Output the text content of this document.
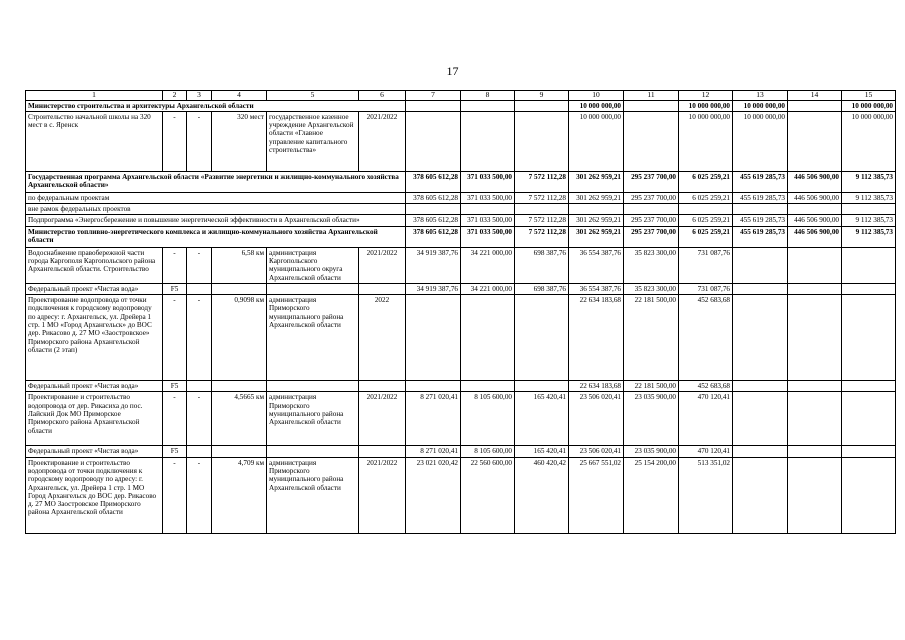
17
1	2	3	4	5	6	7	8	9	10	11	12	13	14	15
Министерство строительства и архитектуры Архангельской области									10 000 000,00		10 000 000,00	10 000 000,00		10 000 000,00
Строительство начальной школы на 320 мест в с. Яренск	-	-	320 мест	государственное казенное учреждение Архангельской области «Главное управление капитального строительства»	2021/2022				10 000 000,00		10 000 000,00	10 000 000,00		10 000 000,00
Государственная программа Архангельской области «Развитие энергетики и жилищно-коммунального хозяйства Архангельской области»						378 605 612,28	371 033 500,00	7 572 112,28	301 262 959,21	295 237 700,00	6 025 259,21	455 619 285,73	446 506 900,00	9 112 385,73
по федеральным проектам						378 605 612,28	371 033 500,00	7 572 112,28	301 262 959,21	295 237 700,00	6 025 259,21	455 619 285,73	446 506 900,00	9 112 385,73
вне рамок федеральных проектов														
Подпрограмма «Энергосбережение и повышение энергетической эффективности в Архангельской области»						378 605 612,28	371 033 500,00	7 572 112,28	301 262 959,21	295 237 700,00	6 025 259,21	455 619 285,73	446 506 900,00	9 112 385,73
Министерство топливно-энергетического комплекса и жилищно-коммунального хозяйства Архангельской области						378 605 612,28	371 033 500,00	7 572 112,28	301 262 959,21	295 237 700,00	6 025 259,21	455 619 285,73	446 506 900,00	9 112 385,73
Водоснабжение правобережной части города Каргополя Каргопольского района Архангельской области. Строительство	-	-	6,58 км	администрация Каргопольского муниципального округа Архангельской области	2021/2022	34 919 387,76	34 221 000,00	698 387,76	36 554 387,76	35 823 300,00	731 087,76			
Федеральный проект «Чистая вода»	F5					34 919 387,76	34 221 000,00	698 387,76	36 554 387,76	35 823 300,00	731 087,76			
Проектирование водопровода от точки подключения к городскому водопроводу по адресу: г. Архангельск, ул. Дрейера 1 стр. 1 МО «Город Архангельск» до ВОС дер. Рикасово д. 27 МО «Заостровское» Приморского района Архангельской области (2 этап)	-	-	0,9098 км	администрация Приморского муниципального района Архангельской области	2022				22 634 183,68	22 181 500,00	452 683,68			
Федеральный проект «Чистая вода»	F5								22 634 183,68	22 181 500,00	452 683,68			
Проектирование и строительство водопровода от дер. Рикасиха до пос. Лайский Док МО Приморское Приморского района Архангельской области	-	-	4,5665 км	администрация Приморского муниципального района Архангельской области	2021/2022	8 271 020,41	8 105 600,00	165 420,41	23 506 020,41	23 035 900,00	470 120,41			
Федеральный проект «Чистая вода»	F5					8 271 020,41	8 105 600,00	165 420,41	23 506 020,41	23 035 900,00	470 120,41			
Проектирование и строительство водопровода от точки подключения к городскому водопроводу по адресу: г. Архангельск, ул. Дрейера 1 стр. 1 МО Город Архангельск до ВОС дер. Рикасово д. 27 МО Заостровское Приморского района Архангельской области	-	-	4,709 км	администрация Приморского муниципального района Архангельской области	2021/2022	23 021 020,42	22 560 600,00	460 420,42	25 667 551,02	25 154 200,00	513 351,02			
